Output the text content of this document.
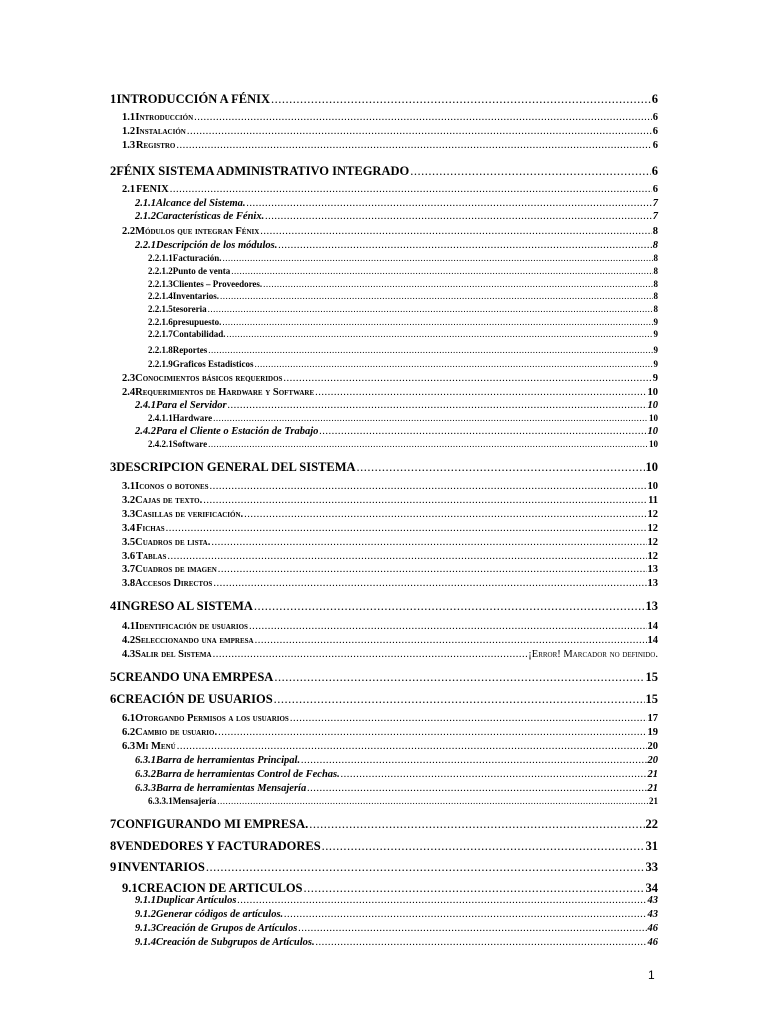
1 INTRODUCCIÓN A FÉNIX .....	6
1.1 Introducción .....	6
1.2 Instalación .....	6
1.3 Registro .....	6
2 FÉNIX SISTEMA ADMINISTRATIVO INTEGRADO .....	6
2.1 FENIX .....	6
2.1.1 Alcance del Sistema. .....	7
2.1.2 Características de Fénix. .....	7
2.2 Módulos que integran Fénix .....	8
2.2.1 Descripción de los módulos. .....	8
2.2.1.1 Facturación. .....	8
2.2.1.2 Punto de venta .....	8
2.2.1.3 Clientes – Proveedores. .....	8
2.2.1.4 Inventarios. .....	8
2.2.1.5 tesoreria .....	8
2.2.1.6 presupuesto. .....	9
2.2.1.7 Contabilidad. .....	9
2.2.1.8 Reportes .....	9
2.2.1.9 Graficos Estadisticos .....	9
2.3 Conocimientos básicos requeridos .....	9
2.4 Requerimientos de Hardware y Software .....	10
2.4.1 Para el Servidor .....	10
2.4.1.1 Hardware .....	10
2.4.2 Para el Cliente o Estación de Trabajo .....	10
2.4.2.1 Software .....	10
3 DESCRIPCION GENERAL DEL SISTEMA .....	10
3.1 Iconos o botones .....	10
3.2 Cajas de texto. .....	11
3.3 Casillas de verificación. .....	12
3.4 Fichas .....	12
3.5 Cuadros de lista. .....	12
3.6 Tablas .....	12
3.7 Cuadros de imagen .....	13
3.8 Accesos Directos .....	13
4 INGRESO AL SISTEMA .....	13
4.1 Identificación de usuarios .....	14
4.2 Seleccionando una empresa .....	14
4.3 Salir del Sistema .....	¡Error! Marcador no definido.
5 CREANDO UNA EMRPESA .....	15
6 CREACIÓN DE USUARIOS .....	15
6.1 Otorgando Permisos a los usuarios .....	17
6.2 Cambio de usuario. .....	19
6.3 Mi Menú .....	20
6.3.1 Barra de herramientas Principal. .....	20
6.3.2 Barra de herramientas Control de Fechas. .....	21
6.3.3 Barra de herramientas Mensajería .....	21
6.3.3.1 Mensajería .....	21
7 CONFIGURANDO MI EMPRESA. .....	22
8 VENDEDORES Y FACTURADORES .....	31
9 INVENTARIOS .....	33
9.1 CREACION DE ARTICULOS .....	34
9.1.1 Duplicar Artículos .....	43
9.1.2 Generar códigos de artículos. .....	43
9.1.3 Creación de Grupos de Artículos .....	46
9.1.4 Creación de Subgrupos de Artículos. .....	46
1
